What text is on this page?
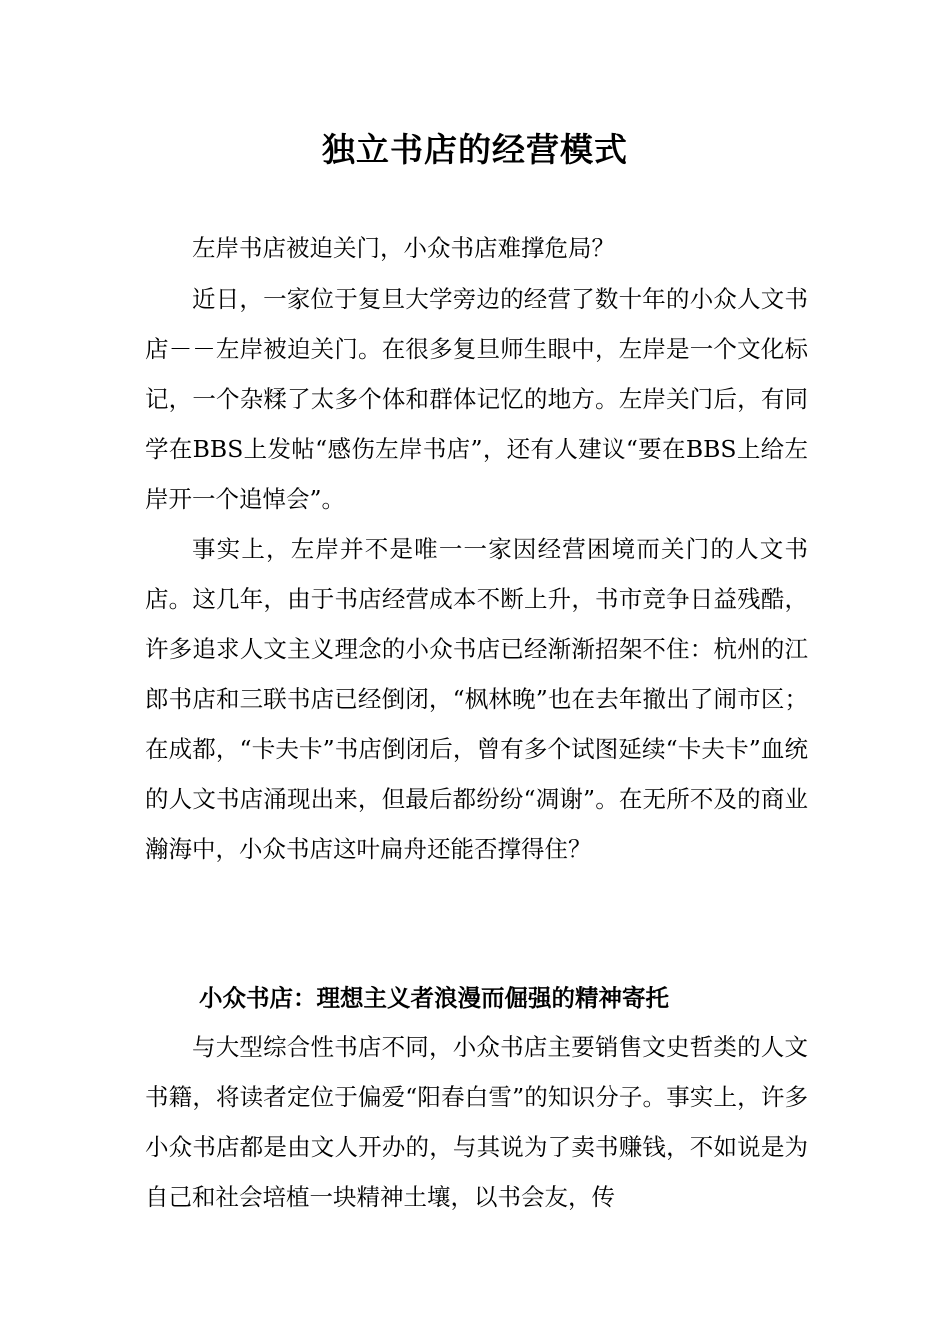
独立书店的经营模式

左岸书店被迫关门，小众书店难撑危局？

近日，一家位于复旦大学旁边的经营了数十年的小众人文书店－－左岸被迫关门。在很多复旦师生眼中，左岸是一个文化标记，一个杂糅了太多个体和群体记忆的地方。左岸关门后，有同学在BBS上发帖“感伤左岸书店”，还有人建议“要在BBS上给左岸开一个追悼会”。

事实上，左岸并不是唯一一家因经营困境而关门的人文书店。这几年，由于书店经营成本不断上升，书市竞争日益残酷，许多追求人文主义理念的小众书店已经渐渐招架不住：杭州的江郎书店和三联书店已经倒闭，“枫林晚”也在去年撤出了闹市区；在成都，“卡夫卡”书店倒闭后，曾有多个试图延续“卡夫卡”血统的人文书店涌现出来，但最后都纷纷“凋谢”。在无所不及的商业瀚海中，小众书店这叶扁舟还能否撑得住？

小众书店：理想主义者浪漫而倔强的精神寄托

与大型综合性书店不同，小众书店主要销售文史哲类的人文书籍，将读者定位于偏爱“阳春白雪”的知识分子。事实上，许多小众书店都是由文人开办的，与其说为了卖书赚钱，不如说是为自己和社会培植一块精神土壤，以书会友，传
